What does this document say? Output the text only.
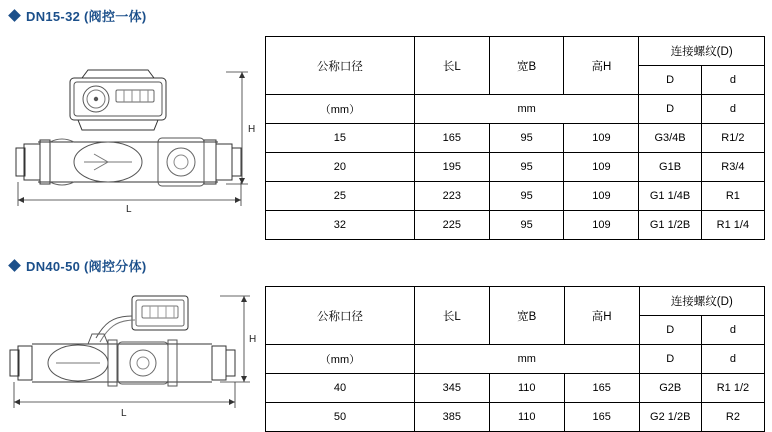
DN15-32 (阀控一体)
L
H
公称口径	长L	宽B	高H	连接螺纹(D)	
				D	d
（mm）	mm			D	d
15	165	95	109	G3/4B	R1/2
20	195	95	109	G1B	R3/4
25	223	95	109	G1 1/4B	R1
32	225	95	109	G1 1/2B	R1 1/4
DN40-50 (阀控分体)
L
H
公称口径	长L	宽B	高H	连接螺纹(D)	
				D	d
（mm）	mm			D	d
40	345	110	165	G2B	R1 1/2
50	385	110	165	G2 1/2B	R2
